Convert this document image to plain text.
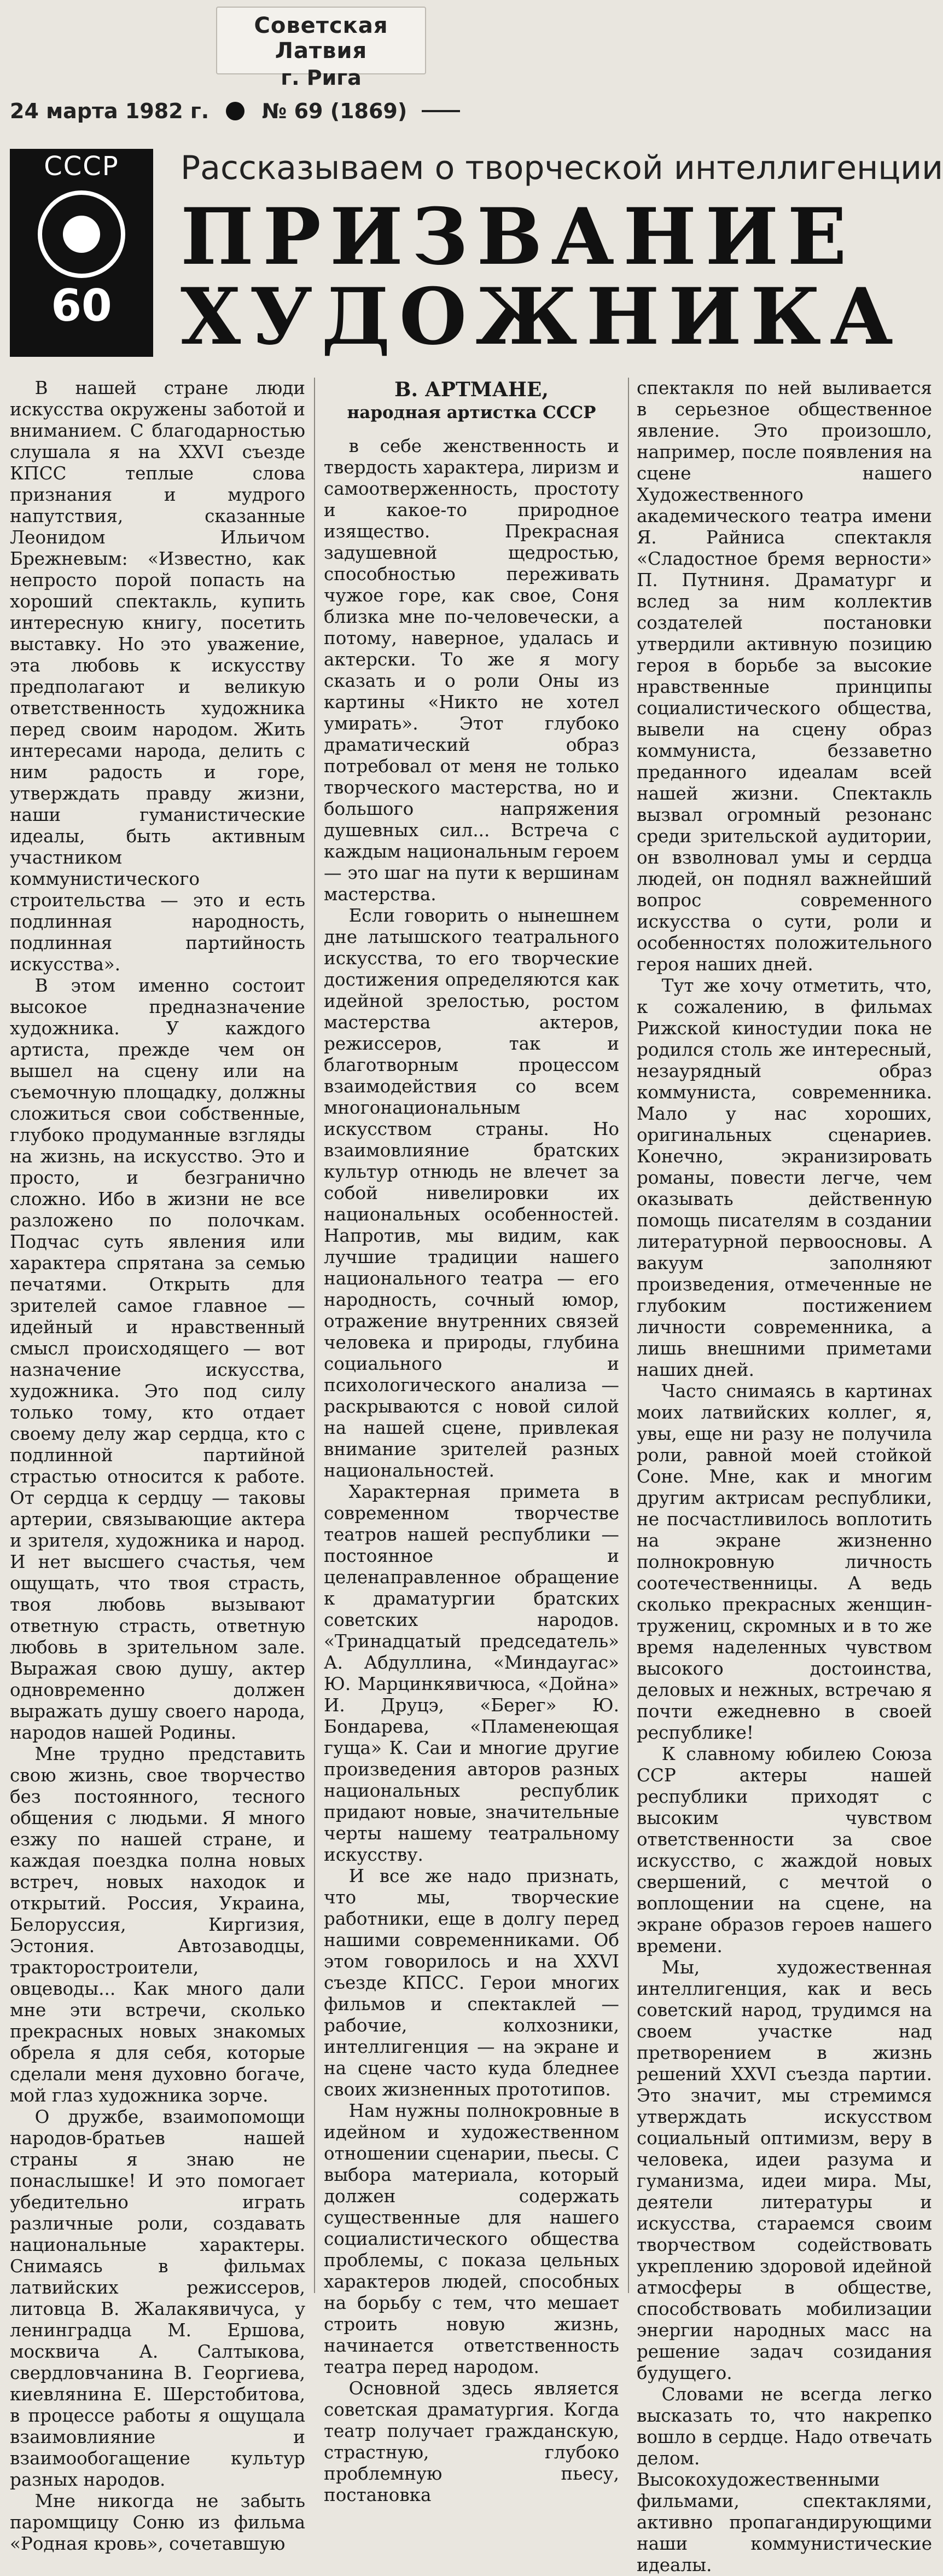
Советская Латвия
г. Рига
24 марта 1982 г.	№ 69 (1869)
СССР
60
Рассказываем о творческой интеллигенции
ПРИЗВАНИЕ
ХУДОЖНИКА

В нашей стране люди искусства окружены заботой и вниманием. С благодарностью слушала я на XXVI съезде КПСС теплые слова признания и мудрого напутствия, сказанные Леонидом Ильичом Брежневым: «Известно, как непросто порой попасть на хороший спектакль, купить интересную книгу, посетить выставку. Но это уважение, эта любовь к искусству предполагают и великую ответственность художника перед своим народом. Жить интересами народа, делить с ним радость и горе, утверждать правду жизни, наши гуманистические идеалы, быть активным участником коммунистического строительства — это и есть подлинная народность, подлинная партийность искусства».

В этом именно состоит высокое предназначение художника. У каждого артиста, прежде чем он вышел на сцену или на съемочную площадку, должны сложиться свои собственные, глубоко продуманные взгляды на жизнь, на искусство. Это и просто, и безгранично сложно. Ибо в жизни не все разложено по полочкам. Подчас суть явления или характера спрятана за семью печатями. Открыть для зрителей самое главное — идейный и нравственный смысл происходящего — вот назначение искусства, художника. Это под силу только тому, кто отдает своему делу жар сердца, кто с подлинной партийной страстью относится к работе. От сердца к сердцу — таковы артерии, связывающие актера и зрителя, художника и народ. И нет высшего счастья, чем ощущать, что твоя страсть, твоя любовь вызывают ответную страсть, ответную любовь в зрительном зале. Выражая свою душу, актер одновременно должен выражать душу своего народа, народов нашей Родины.

Мне трудно представить свою жизнь, свое творчество без постоянного, тесного общения с людьми. Я много езжу по нашей стране, и каждая поездка полна новых встреч, новых находок и открытий. Россия, Украина, Белоруссия, Киргизия, Эстония. Автозаводцы, тракторостроители, овцеводы... Как много дали мне эти встречи, сколько прекрасных новых знакомых обрела я для себя, которые сделали меня духовно богаче, мой глаз художника зорче.

О дружбе, взаимопомощи народов-братьев нашей страны я знаю не понаслышке! И это помогает убедительно играть различные роли, создавать национальные характеры. Снимаясь в фильмах латвийских режиссеров, литовца В. Жалакявичуса, у ленинградца М. Ершова, москвича А. Салтыкова, свердловчанина В. Георгиева, киевлянина Е. Шерстобитова, в процессе работы я ощущала взаимовлияние и взаимообогащение культур разных народов.

Мне никогда не забыть паромщицу Соню из фильма «Родная кровь», сочетавшую

В. АРТМАНЕ,
народная артистка СССР

в себе женственность и твердость характера, лиризм и самоотверженность, простоту и какое-то природное изящество. Прекрасная задушевной щедростью, способностью переживать чужое горе, как свое, Соня близка мне по-человечески, а потому, наверное, удалась и актерски. То же я могу сказать и о роли Оны из картины «Никто не хотел умирать». Этот глубоко драматический образ потребовал от меня не только творческого мастерства, но и большого напряжения душевных сил... Встреча с каждым национальным героем — это шаг на пути к вершинам мастерства.

Если говорить о нынешнем дне латышского театрального искусства, то его творческие достижения определяются как идейной зрелостью, ростом мастерства актеров, режиссеров, так и благотворным процессом взаимодействия со всем многонациональным искусством страны. Но взаимовлияние братских культур отнюдь не влечет за собой нивелировки их национальных особенностей. Напротив, мы видим, как лучшие традиции нашего национального театра — его народность, сочный юмор, отражение внутренних связей человека и природы, глубина социального и психологического анализа — раскрываются с новой силой на нашей сцене, привлекая внимание зрителей разных национальностей.

Характерная примета в современном творчестве театров нашей республики — постоянное и целенаправленное обращение к драматургии братских советских народов. «Тринадцатый председатель» А. Абдуллина, «Миндаугас» Ю. Марцинкявичюса, «Дойна» И. Друцэ, «Берег» Ю. Бондарева, «Пламенеющая гуща» К. Саи и многие другие произведения авторов разных национальных республик придают новые, значительные черты нашему театральному искусству.

И все же надо признать, что мы, творческие работники, еще в долгу перед нашими современниками. Об этом говорилось и на XXVI съезде КПСС. Герои многих фильмов и спектаклей — рабочие, колхозники, интеллигенция — на экране и на сцене часто куда бледнее своих жизненных прототипов.

Нам нужны полнокровные в идейном и художественном отношении сценарии, пьесы. С выбора материала, который должен содержать существенные для нашего социалистического общества проблемы, с показа цельных характеров людей, способных на борьбу с тем, что мешает строить новую жизнь, начинается ответственность театра перед народом.

Основной здесь является советская драматургия. Когда театр получает гражданскую, страстную, глубоко проблемную пьесу, постановка

спектакля по ней выливается в серьезное общественное явление. Это произошло, например, после появления на сцене нашего Художественного академического театра имени Я. Райниса спектакля «Сладостное бремя верности» П. Путниня. Драматург и вслед за ним коллектив создателей постановки утвердили активную позицию героя в борьбе за высокие нравственные принципы социалистического общества, вывели на сцену образ коммуниста, беззаветно преданного идеалам всей нашей жизни. Спектакль вызвал огромный резонанс среди зрительской аудитории, он взволновал умы и сердца людей, он поднял важнейший вопрос современного искусства о сути, роли и особенностях положительного героя наших дней.

Тут же хочу отметить, что, к сожалению, в фильмах Рижской киностудии пока не родился столь же интересный, незаурядный образ коммуниста, современника. Мало у нас хороших, оригинальных сценариев. Конечно, экранизировать романы, повести легче, чем оказывать действенную помощь писателям в создании литературной первоосновы. А вакуум заполняют произведения, отмеченные не глубоким постижением личности современника, а лишь внешними приметами наших дней.

Часто снимаясь в картинах моих латвийских коллег, я, увы, еще ни разу не получила роли, равной моей стойкой Соне. Мне, как и многим другим актрисам республики, не посчастливилось воплотить на экране жизненно полнокровную личность соотечественницы. А ведь сколько прекрасных женщин-тружениц, скромных и в то же время наделенных чувством высокого достоинства, деловых и нежных, встречаю я почти ежедневно в своей республике!

К славному юбилею Союза ССР актеры нашей республики приходят с высоким чувством ответственности за свое искусство, с жаждой новых свершений, с мечтой о воплощении на сцене, на экране образов героев нашего времени.

Мы, художественная интеллигенция, как и весь советский народ, трудимся на своем участке над претворением в жизнь решений XXVI съезда партии. Это значит, мы стремимся утверждать искусством социальный оптимизм, веру в человека, идеи разума и гуманизма, идеи мира. Мы, деятели литературы и искусства, стараемся своим творчеством содействовать укреплению здоровой идейной атмосферы в обществе, способствовать мобилизации энергии народных масс на решение задач созидания будущего.

Словами не всегда легко высказать то, что накрепко вошло в сердце. Надо отвечать делом. Высокохудожественными фильмами, спектаклями, активно пропагандирующими наши коммунистические идеалы.
